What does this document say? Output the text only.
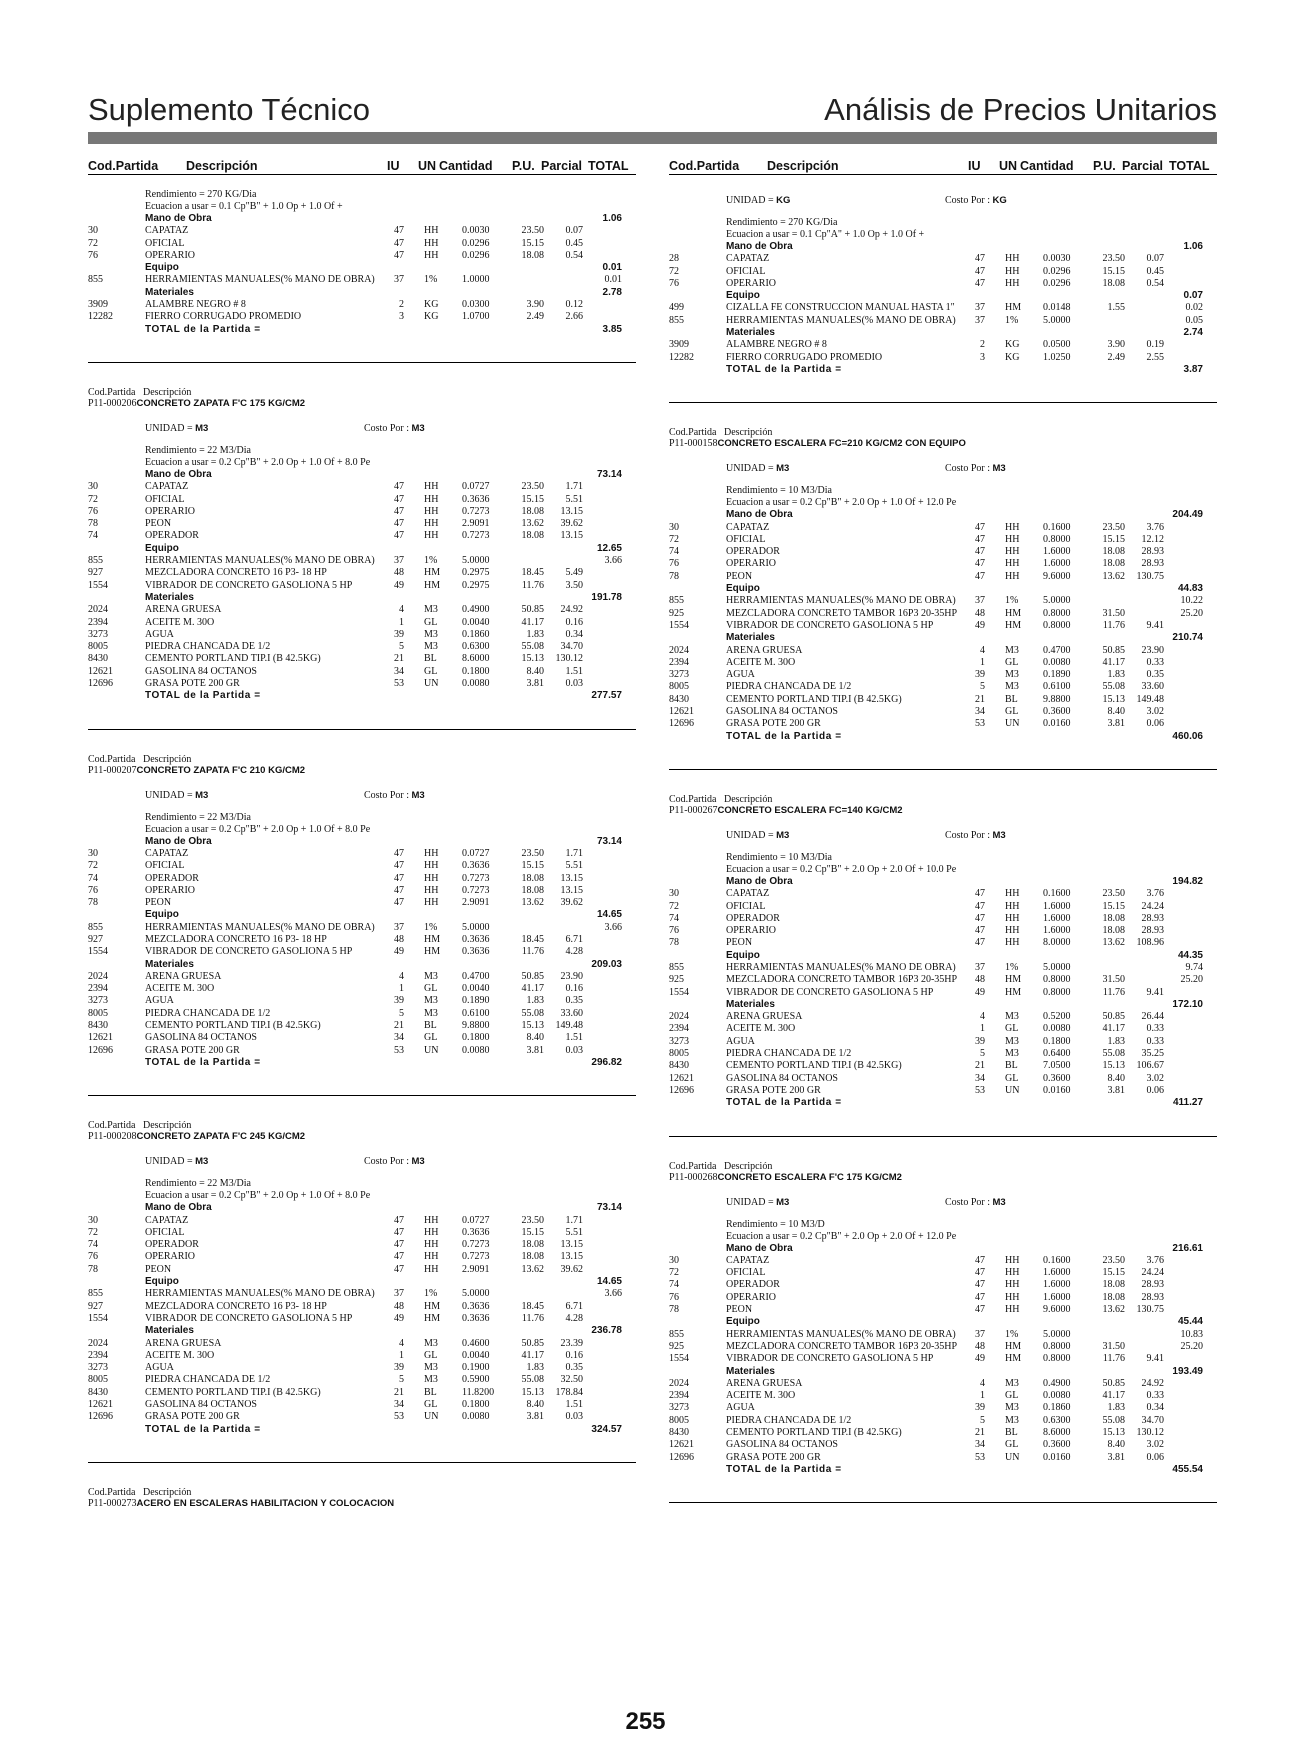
Suplemento Técnico	Análisis de Precios Unitarios
Cod.Partida Descripción	IU UN Cantidad P.U. Parcial TOTAL
Rendimiento = 270 KG/Dia
Ecuacion a usar = 0.1 Cp"B" + 1.0 Op + 1.0 Of +
Mano de Obra	1.06
30	CAPATAZ	47 HH 0.0030	23.50	0.07
72	OFICIAL	47 HH 0.0296	15.15	0.45
76	OPERARIO	47 HH 0.0296	18.08	0.54
Equipo	0.01
855	HERRAMIENTAS MANUALES(% MANO DE OBRA)	37 1% 1.0000	0.01
Materiales	2.78
3909	ALAMBRE NEGRO # 8	2 KG 0.0300	3.90	0.12
12282	FIERRO CORRUGADO PROMEDIO	3 KG 1.0700	2.49	2.66
TOTAL de la Partida =	3.85
Cod.Partida Descripción
P11-000206CONCRETO ZAPATA F'C 175 KG/CM2
UNIDAD = M3	Costo Por : M3
Rendimiento = 22 M3/Dia
Ecuacion a usar = 0.2 Cp"B" + 2.0 Op + 1.0 Of + 8.0 Pe
Mano de Obra	73.14
30	CAPATAZ	47 HH 0.0727	23.50	1.71
72	OFICIAL	47 HH 0.3636	15.15	5.51
76	OPERARIO	47 HH 0.7273	18.08	13.15
78	PEON	47 HH 2.9091	13.62	39.62
74	OPERADOR	47 HH 0.7273	18.08	13.15
Equipo	12.65
855	HERRAMIENTAS MANUALES(% MANO DE OBRA)	37 1% 5.0000	3.66
927	MEZCLADORA CONCRETO 16 P3- 18 HP	48 HM 0.2975	18.45	5.49
1554	VIBRADOR DE CONCRETO GASOLIONA 5 HP	49 HM 0.2975	11.76	3.50
Materiales	191.78
2024	ARENA GRUESA	4 M3 0.4900	50.85	24.92
2394	ACEITE M. 30O	1 GL 0.0040	41.17	0.16
3273	AGUA	39 M3 0.1860	1.83	0.34
8005	PIEDRA CHANCADA DE 1/2	5 M3 0.6300	55.08	34.70
8430	CEMENTO PORTLAND TIP.I (B 42.5KG)	21 BL	8.6000	15.13	130.12
12621	GASOLINA 84 OCTANOS	34 GL 0.1800	8.40	1.51
12696	GRASA POTE 200 GR	53 UN 0.0080	3.81	0.03
TOTAL de la Partida =	277.57
Cod.Partida Descripción
P11-000207CONCRETO ZAPATA F'C 210 KG/CM2
UNIDAD = M3	Costo Por : M3
Rendimiento = 22 M3/Dia
Ecuacion a usar = 0.2 Cp"B" + 2.0 Op + 1.0 Of + 8.0 Pe
Mano de Obra	73.14
30	CAPATAZ	47 HH 0.0727	23.50	1.71
72	OFICIAL	47 HH 0.3636	15.15	5.51
74	OPERADOR	47 HH 0.7273	18.08	13.15
76	OPERARIO	47 HH 0.7273	18.08	13.15
78	PEON	47 HH 2.9091	13.62	39.62
Equipo	14.65
855	HERRAMIENTAS MANUALES(% MANO DE OBRA)	37 1% 5.0000	3.66
927	MEZCLADORA CONCRETO 16 P3- 18 HP	48 HM 0.3636	18.45	6.71
1554	VIBRADOR DE CONCRETO GASOLIONA 5 HP	49 HM 0.3636	11.76	4.28
Materiales	209.03
2024	ARENA GRUESA	4 M3 0.4700	50.85	23.90
2394	ACEITE M. 30O	1 GL 0.0040	41.17	0.16
3273	AGUA	39 M3 0.1890	1.83	0.35
8005	PIEDRA CHANCADA DE 1/2	5 M3 0.6100	55.08	33.60
8430	CEMENTO PORTLAND TIP.I (B 42.5KG)	21 BL	9.8800	15.13	149.48
12621	GASOLINA 84 OCTANOS	34 GL 0.1800	8.40	1.51
12696	GRASA POTE 200 GR	53 UN 0.0080	3.81	0.03
TOTAL de la Partida =	296.82
Cod.Partida Descripción
P11-000208CONCRETO ZAPATA F'C 245 KG/CM2
UNIDAD = M3	Costo Por : M3
Rendimiento = 22 M3/Dia
Ecuacion a usar = 0.2 Cp"B" + 2.0 Op + 1.0 Of + 8.0 Pe
Mano de Obra	73.14
30	CAPATAZ	47 HH 0.0727	23.50	1.71
72	OFICIAL	47 HH 0.3636	15.15	5.51
74	OPERADOR	47 HH 0.7273	18.08	13.15
76	OPERARIO	47 HH 0.7273	18.08	13.15
78	PEON	47 HH 2.9091	13.62	39.62
Equipo	14.65
855	HERRAMIENTAS MANUALES(% MANO DE OBRA)	37 1% 5.0000	3.66
927	MEZCLADORA CONCRETO 16 P3- 18 HP	48 HM 0.3636	18.45	6.71
1554	VIBRADOR DE CONCRETO GASOLIONA 5 HP	49 HM 0.3636	11.76	4.28
Materiales	236.78
2024	ARENA GRUESA	4 M3 0.4600	50.85	23.39
2394	ACEITE M. 30O	1 GL 0.0040	41.17	0.16
3273	AGUA	39 M3 0.1900	1.83	0.35
8005	PIEDRA CHANCADA DE 1/2	5 M3 0.5900	55.08	32.50
8430	CEMENTO PORTLAND TIP.I (B 42.5KG)	21 BL	11.8200	15.13	178.84
12621	GASOLINA 84 OCTANOS	34 GL 0.1800	8.40	1.51
12696	GRASA POTE 200 GR	53 UN 0.0080	3.81	0.03
TOTAL de la Partida =	324.57
Cod.Partida Descripción
P11-000273ACERO EN ESCALERAS HABILITACION Y COLOCACION
Cod.Partida Descripción	IU UN Cantidad P.U. Parcial TOTAL
UNIDAD = KG	Costo Por : KG
Rendimiento = 270 KG/Dia
Ecuacion a usar = 0.1 Cp"A" + 1.0 Op + 1.0 Of +
Mano de Obra	1.06
28	CAPATAZ	47 HH 0.0030	23.50	0.07
72	OFICIAL	47 HH 0.0296	15.15	0.45
76	OPERARIO	47 HH 0.0296	18.08	0.54
Equipo	0.07
499	CIZALLA FE CONSTRUCCION MANUAL HASTA 1"	37 HM 0.0148	1.55	0.02
855	HERRAMIENTAS MANUALES(% MANO DE OBRA)	37 1% 5.0000	0.05
Materiales	2.74
3909	ALAMBRE NEGRO # 8	2 KG 0.0500	3.90	0.19
12282	FIERRO CORRUGADO PROMEDIO	3 KG 1.0250	2.49	2.55
TOTAL de la Partida =	3.87
Cod.Partida Descripción
P11-000158CONCRETO ESCALERA FC=210 KG/CM2 CON EQUIPO
UNIDAD = M3	Costo Por : M3
Rendimiento = 10 M3/Dia
Ecuacion a usar = 0.2 Cp"B" + 2.0 Op + 1.0 Of + 12.0 Pe
Mano de Obra	204.49
30	CAPATAZ	47 HH 0.1600	23.50	3.76
72	OFICIAL	47 HH 0.8000	15.15	12.12
74	OPERADOR	47 HH 1.6000	18.08	28.93
76	OPERARIO	47 HH 1.6000	18.08	28.93
78	PEON	47 HH 9.6000	13.62	130.75
Equipo	44.83
855	HERRAMIENTAS MANUALES(% MANO DE OBRA)	37 1% 5.0000	10.22
925	MEZCLADORA CONCRETO TAMBOR 16P3 20-35HP	48 HM 0.8000	31.50	25.20
1554	VIBRADOR DE CONCRETO GASOLIONA 5 HP	49 HM 0.8000	11.76	9.41
Materiales	210.74
2024	ARENA GRUESA	4 M3 0.4700	50.85	23.90
2394	ACEITE M. 30O	1 GL 0.0080	41.17	0.33
3273	AGUA	39 M3 0.1890	1.83	0.35
8005	PIEDRA CHANCADA DE 1/2	5 M3 0.6100	55.08	33.60
8430	CEMENTO PORTLAND TIP.I (B 42.5KG)	21 BL	9.8800	15.13	149.48
12621	GASOLINA 84 OCTANOS	34 GL 0.3600	8.40	3.02
12696	GRASA POTE 200 GR	53 UN 0.0160	3.81	0.06
TOTAL de la Partida =	460.06
Cod.Partida Descripción
P11-000267CONCRETO ESCALERA FC=140 KG/CM2
UNIDAD = M3	Costo Por : M3
Rendimiento = 10 M3/Dia
Ecuacion a usar = 0.2 Cp"B" + 2.0 Op + 2.0 Of + 10.0 Pe
Mano de Obra	194.82
30	CAPATAZ	47 HH 0.1600	23.50	3.76
72	OFICIAL	47 HH 1.6000	15.15	24.24
74	OPERADOR	47 HH 1.6000	18.08	28.93
76	OPERARIO	47 HH 1.6000	18.08	28.93
78	PEON	47 HH 8.0000	13.62	108.96
Equipo	44.35
855	HERRAMIENTAS MANUALES(% MANO DE OBRA)	37 1% 5.0000	9.74
925	MEZCLADORA CONCRETO TAMBOR 16P3 20-35HP	48 HM 0.8000	31.50	25.20
1554	VIBRADOR DE CONCRETO GASOLIONA 5 HP	49 HM 0.8000	11.76	9.41
Materiales	172.10
2024	ARENA GRUESA	4 M3 0.5200	50.85	26.44
2394	ACEITE M. 30O	1 GL 0.0080	41.17	0.33
3273	AGUA	39 M3 0.1800	1.83	0.33
8005	PIEDRA CHANCADA DE 1/2	5 M3 0.6400	55.08	35.25
8430	CEMENTO PORTLAND TIP.I (B 42.5KG)	21 BL	7.0500	15.13	106.67
12621	GASOLINA 84 OCTANOS	34 GL 0.3600	8.40	3.02
12696	GRASA POTE 200 GR	53 UN 0.0160	3.81	0.06
TOTAL de la Partida =	411.27
Cod.Partida Descripción
P11-000268CONCRETO ESCALERA F'C 175 KG/CM2
UNIDAD = M3	Costo Por : M3
Rendimiento = 10 M3/D
Ecuacion a usar = 0.2 Cp"B" + 2.0 Op + 2.0 Of + 12.0 Pe
Mano de Obra	216.61
30	CAPATAZ	47 HH 0.1600	23.50	3.76
72	OFICIAL	47 HH 1.6000	15.15	24.24
74	OPERADOR	47 HH 1.6000	18.08	28.93
76	OPERARIO	47 HH 1.6000	18.08	28.93
78	PEON	47 HH 9.6000	13.62	130.75
Equipo	45.44
855	HERRAMIENTAS MANUALES(% MANO DE OBRA)	37 1% 5.0000	10.83
925	MEZCLADORA CONCRETO TAMBOR 16P3 20-35HP	48 HM 0.8000	31.50	25.20
1554	VIBRADOR DE CONCRETO GASOLIONA 5 HP	49 HM 0.8000	11.76	9.41
Materiales	193.49
2024	ARENA GRUESA	4 M3 0.4900	50.85	24.92
2394	ACEITE M. 30O	1 GL 0.0080	41.17	0.33
3273	AGUA	39 M3 0.1860	1.83	0.34
8005	PIEDRA CHANCADA DE 1/2	5 M3 0.6300	55.08	34.70
8430	CEMENTO PORTLAND TIP.I (B 42.5KG)	21 BL	8.6000	15.13	130.12
12621	GASOLINA 84 OCTANOS	34 GL 0.3600	8.40	3.02
12696	GRASA POTE 200 GR	53 UN 0.0160	3.81	0.06
TOTAL de la Partida =	455.54
255
